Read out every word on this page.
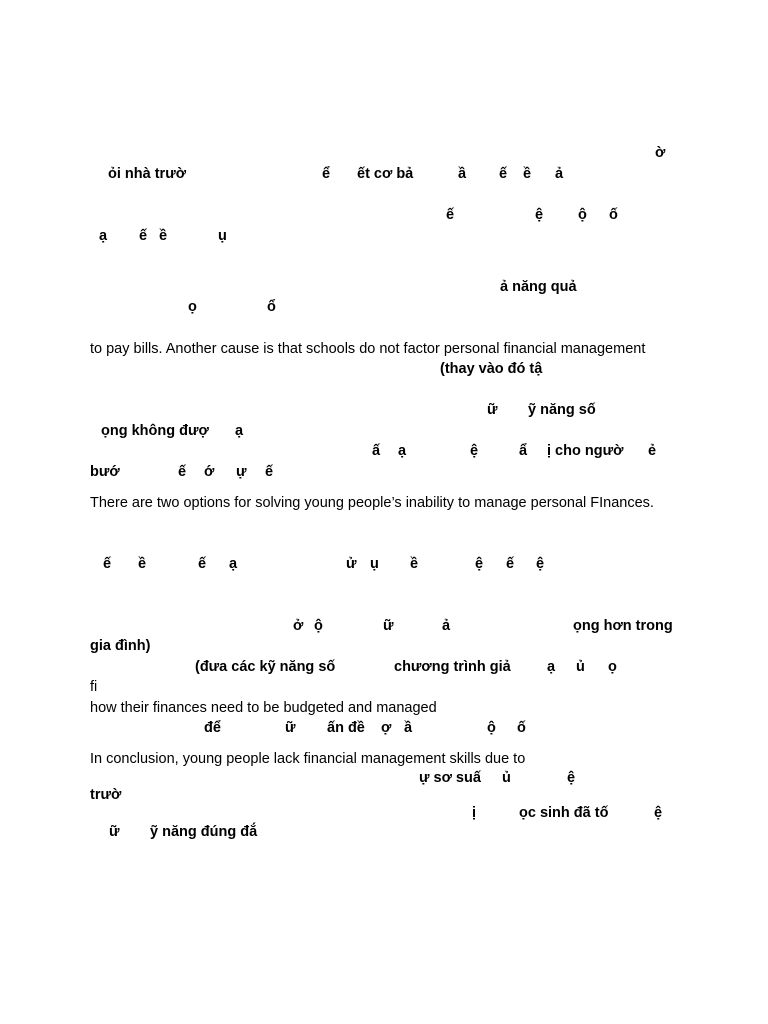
ờ
ỏi nhà trườ	ể ết cơ bả	ầ ế ề ả
ế	ệ ộ ố
ạ ế ề	ụ
ả năng quả
ọ	ổ
to pay bills. Another cause is that schools do not factor personal financial management
(thay vào đó tậ
ữ ỹ năng số
ọng không đượ ạ
ấ ạ	ệ	ẩ ị cho ngườ ẻ
bướ	ế ớ ự ế
There are two options for solving young people’s inability to manage personal FInances.
ế ề	ế ạ	ử ụ ề	ệ ế ệ
ở ộ	ữ	ả	ọng hơn trong
gia đình)
(đưa các kỹ năng số	chương trình giả	ạ ủ ọ
fi
how their finances need to be budgeted and managed
để	ữ ấn đề ợ ầ	ộ ố
In conclusion, young people lack financial management skills due to
ự sơ suấ ủ	ệ
trườ
ị	ọc sinh đã tố	ệ
ữ ỹ năng đúng đắ
